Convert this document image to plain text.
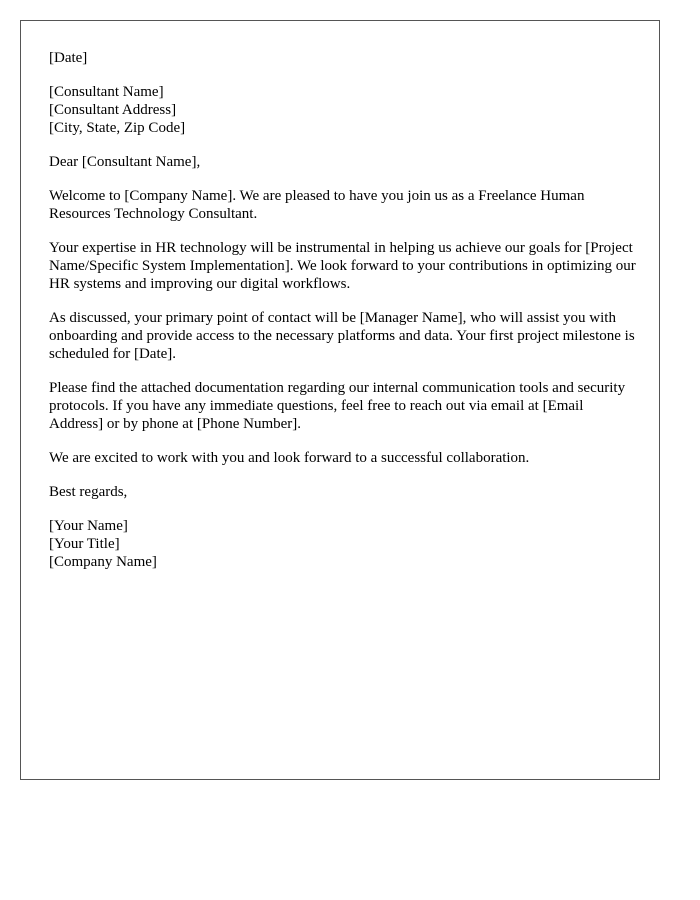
[Date]
[Consultant Name]
[Consultant Address]
[City, State, Zip Code]
Dear [Consultant Name],

Welcome to [Company Name]. We are pleased to have you join us as a Freelance Human Resources Technology Consultant.

Your expertise in HR technology will be instrumental in helping us achieve our goals for [Project Name/Specific System Implementation]. We look forward to your contributions in optimizing our HR systems and improving our digital workflows.

As discussed, your primary point of contact will be [Manager Name], who will assist you with onboarding and provide access to the necessary platforms and data. Your first project milestone is scheduled for [Date].

Please find the attached documentation regarding our internal communication tools and security protocols. If you have any immediate questions, feel free to reach out via email at [Email Address] or by phone at [Phone Number].

We are excited to work with you and look forward to a successful collaboration.

Best regards,
[Your Name]
[Your Title]
[Company Name]
